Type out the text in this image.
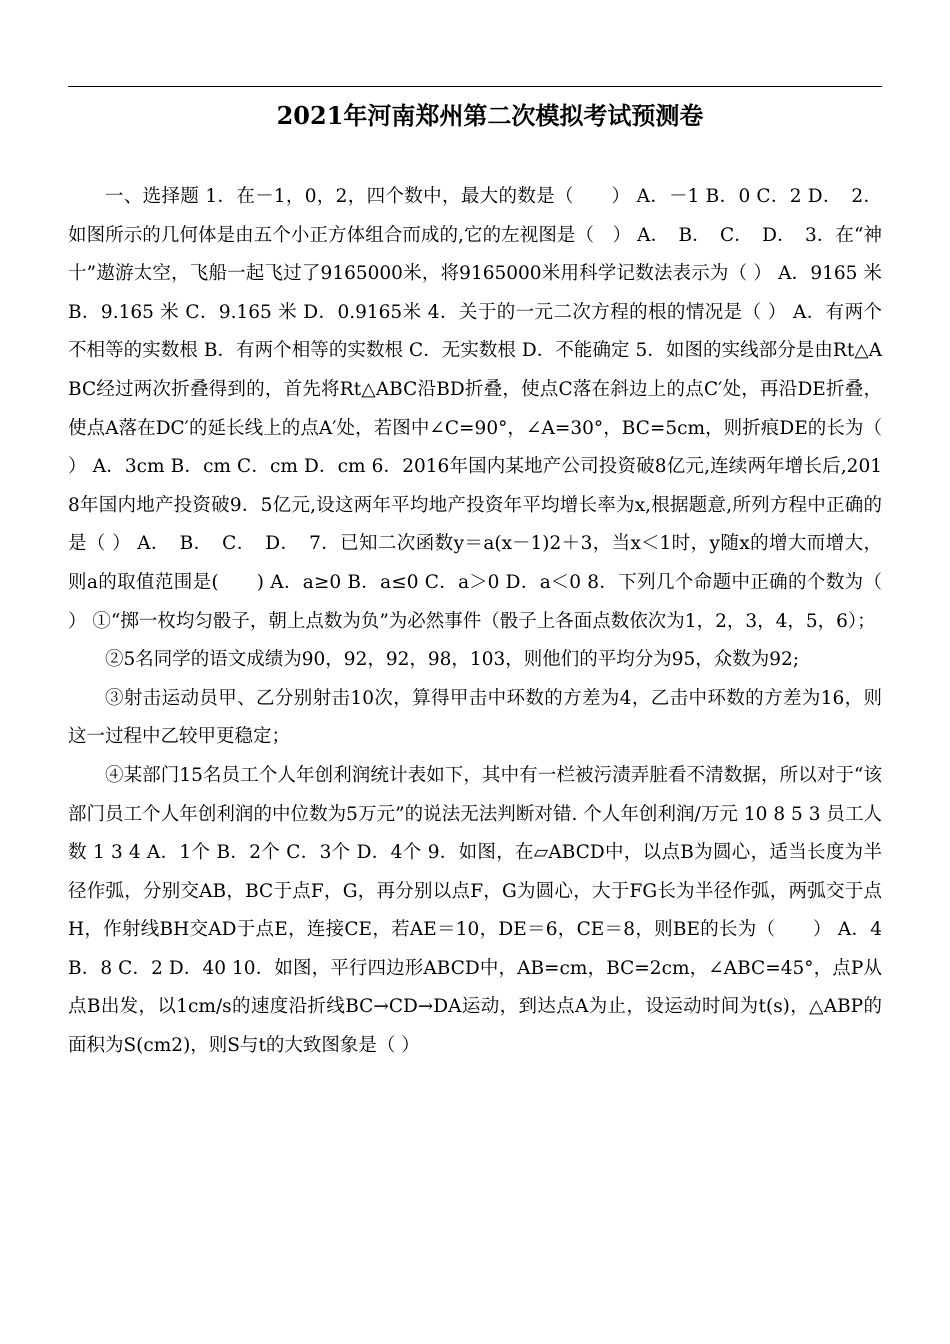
2021年河南郑州第二次模拟考试预测卷

一、选择题 1．在－1，0，2，四个数中，最大的数是（　　） A．－1 B．0 C．2 D．　2．如图所示的几何体是由五个小正方体组合而成的,它的左视图是（　） A．　B．　C．　D．　3．在“神十”遨游太空，飞船一起飞过了9165000米，将9165000米用科学记数法表示为（ ） A．9165 米 B．9.165 米 C．9.165 米 D．0.9165米 4．关于的一元二次方程的根的情况是（ ） A．有两个不相等的实数根 B．有两个相等的实数根 C．无实数根 D．不能确定 5．如图的实线部分是由Rt△ABC经过两次折叠得到的，首先将Rt△ABC沿BD折叠，使点C落在斜边上的点C′处，再沿DE折叠，使点A落在DC′的延长线上的点A′处，若图中∠C=90°，∠A=30°，BC=5cm，则折痕DE的长为（ ） A．3cm B．cm C．cm D．cm 6．2016年国内某地产公司投资破8亿元,连续两年增长后,2018年国内地产投资破9．5亿元,设这两年平均地产投资年平均增长率为x,根据题意,所列方程中正确的是（ ） A．　B．　C．　D．　7．已知二次函数y＝a(x－1)2＋3，当x＜1时，y随x的增大而增大，则a的取值范围是(　　) A．a≥0 B．a≤0 C．a＞0 D．a＜0 8．下列几个命题中正确的个数为（ ） ①“掷一枚均匀骰子，朝上点数为负”为必然事件（骰子上各面点数依次为1，2，3，4，5，6）；

②5名同学的语文成绩为90，92，92，98，103，则他们的平均分为95，众数为92;

③射击运动员甲、乙分别射击10次，算得甲击中环数的方差为4，乙击中环数的方差为16，则这一过程中乙较甲更稳定；

④某部门15名员工个人年创利润统计表如下，其中有一栏被污渍弄脏看不清数据，所以对于“该部门员工个人年创利润的中位数为5万元”的说法无法判断对错. 个人年创利润/万元 10 8 5 3 员工人数 1 3 4 A．1个 B．2个 C．3个 D．4个 9．如图，在▱ABCD中，以点B为圆心，适当长度为半径作弧，分别交AB，BC于点F，G，再分别以点F，G为圆心，大于FG长为半径作弧，两弧交于点H，作射线BH交AD于点E，连接CE，若AE＝10，DE＝6，CE＝8，则BE的长为（　　） A．4 B．8 C．2 D．40 10．如图，平行四边形ABCD中，AB=cm，BC=2cm，∠ABC=45°，点P从点B出发，以1cm/s的速度沿折线BC→CD→DA运动，到达点A为止，设运动时间为t(s)，△ABP的面积为S(cm2)，则S与t的大致图象是（ ）
